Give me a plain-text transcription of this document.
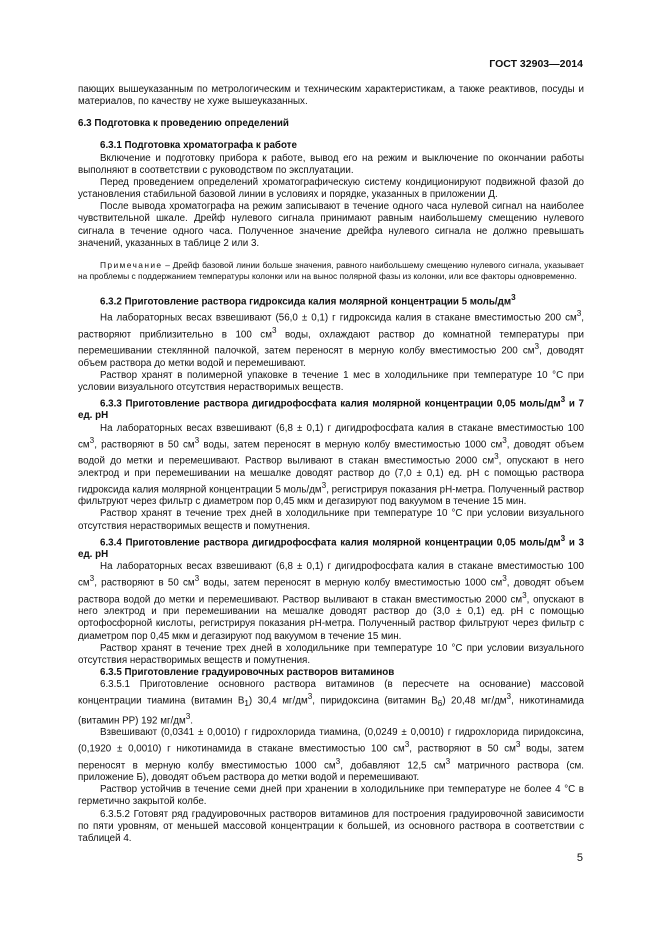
ГОСТ 32903—2014

пающих вышеуказанным по метрологическим и техническим характеристикам, а также реактивов, посуды и материалов, по качеству не хуже вышеуказанных.

6.3 Подготовка к проведению определений

6.3.1 Подготовка хроматографа к работе

Включение и подготовку прибора к работе, вывод его на режим и выключение по окончании работы выполняют в соответствии с руководством по эксплуатации.

Перед проведением определений хроматографическую систему кондиционируют подвижной фазой до установления стабильной базовой линии в условиях и порядке, указанных в приложении Д.

После вывода хроматографа на режим записывают в течение одного часа нулевой сигнал на наиболее чувствительной шкале. Дрейф нулевого сигнала принимают равным наибольшему смещению нулевого сигнала в течение одного часа. Полученное значение дрейфа нулевого сигнала не должно превышать значений, указанных в таблице 2 или 3.

Примечание – Дрейф базовой линии больше значения, равного наибольшему смещению нулевого сигнала, указывает на проблемы с поддержанием температуры колонки или на вынос полярной фазы из колонки, или все факторы одновременно.

6.3.2 Приготовление раствора гидроксида калия молярной концентрации 5 моль/$дм^3$

На лабораторных весах взвешивают (56,0 ± 0,1) г гидроксида калия в стакане вместимостью 200 $см^3$, растворяют приблизительно в 100 $см^3$ воды, охлаждают раствор до комнатной температуры при перемешивании стеклянной палочкой, затем переносят в мерную колбу вместимостью 200 $см^3$, доводят объем раствора до метки водой и перемешивают.

Раствор хранят в полимерной упаковке в течение 1 мес в холодильнике при температуре 10 °С при условии визуального отсутствия нерастворимых веществ.

6.3.3 Приготовление раствора дигидрофосфата калия молярной концентрации 0,05 моль/$дм^3$ и 7 ед. рН

На лабораторных весах взвешивают (6,8 ± 0,1) г дигидрофосфата калия в стакане вместимостью 100 $см^3$, растворяют в 50 $см^3$ воды, затем переносят в мерную колбу вместимостью 1000 $см^3$, доводят объем водой до метки и перемешивают. Раствор выливают в стакан вместимостью 2000 $см^3$, опускают в него электрод и при перемешивании на мешалке доводят раствор до (7,0 ± 0,1) ед. рН с помощью раствора гидроксида калия молярной концентрации 5 моль/$дм^3$, регистрируя показания рН-метра. Полученный раствор фильтруют через фильтр с диаметром пор 0,45 мкм и дегазируют под вакуумом в течение 15 мин.

Раствор хранят в течение трех дней в холодильнике при температуре 10 °С при условии визуального отсутствия нерастворимых веществ и помутнения.

6.3.4 Приготовление раствора дигидрофосфата калия молярной концентрации 0,05 моль/$дм^3$ и 3 ед. рН

На лабораторных весах взвешивают (6,8 ± 0,1) г дигидрофосфата калия в стакане вместимостью 100 $см^3$, растворяют в 50 $см^3$ воды, затем переносят в мерную колбу вместимостью 1000 $см^3$, доводят объем раствора водой до метки и перемешивают. Раствор выливают в стакан вместимостью 2000 $см^3$, опускают в него электрод и при перемешивании на мешалке доводят раствор до (3,0 ± 0,1) ед. рН с помощью ортофосфорной кислоты, регистрируя показания рН-метра. Полученный раствор фильтруют через фильтр с диаметром пор 0,45 мкм и дегазируют под вакуумом в течение 15 мин.

Раствор хранят в течение трех дней в холодильнике при температуре 10 °С при условии визуального отсутствия нерастворимых веществ и помутнения.

6.3.5 Приготовление градуировочных растворов витаминов

6.3.5.1 Приготовление основного раствора витаминов (в пересчете на основание) массовой концентрации тиамина (витамин $В_1$) 30,4 $мг/дм^3$, пиридоксина (витамин $В_6$) 20,48 $мг/дм^3$, никотинамида (витамин РР) 192 $мг/дм^3$.

Взвешивают (0,0341 ± 0,0010) г гидрохлорида тиамина, (0,0249 ± 0,0010) г гидрохлорида пиридоксина, (0,1920 ± 0,0010) г никотинамида в стакане вместимостью 100 $см^3$, растворяют в 50 $см^3$ воды, затем переносят в мерную колбу вместимостью 1000 $см^3$, добавляют 12,5 $см^3$ матричного раствора (см. приложение Б), доводят объем раствора до метки водой и перемешивают.

Раствор устойчив в течение семи дней при хранении в холодильнике при температуре не более 4 °С в герметично закрытой колбе.

6.3.5.2 Готовят ряд градуировочных растворов витаминов для построения градуировочной зависимости по пяти уровням, от меньшей массовой концентрации к большей, из основного раствора в соответствии с таблицей 4.

5
